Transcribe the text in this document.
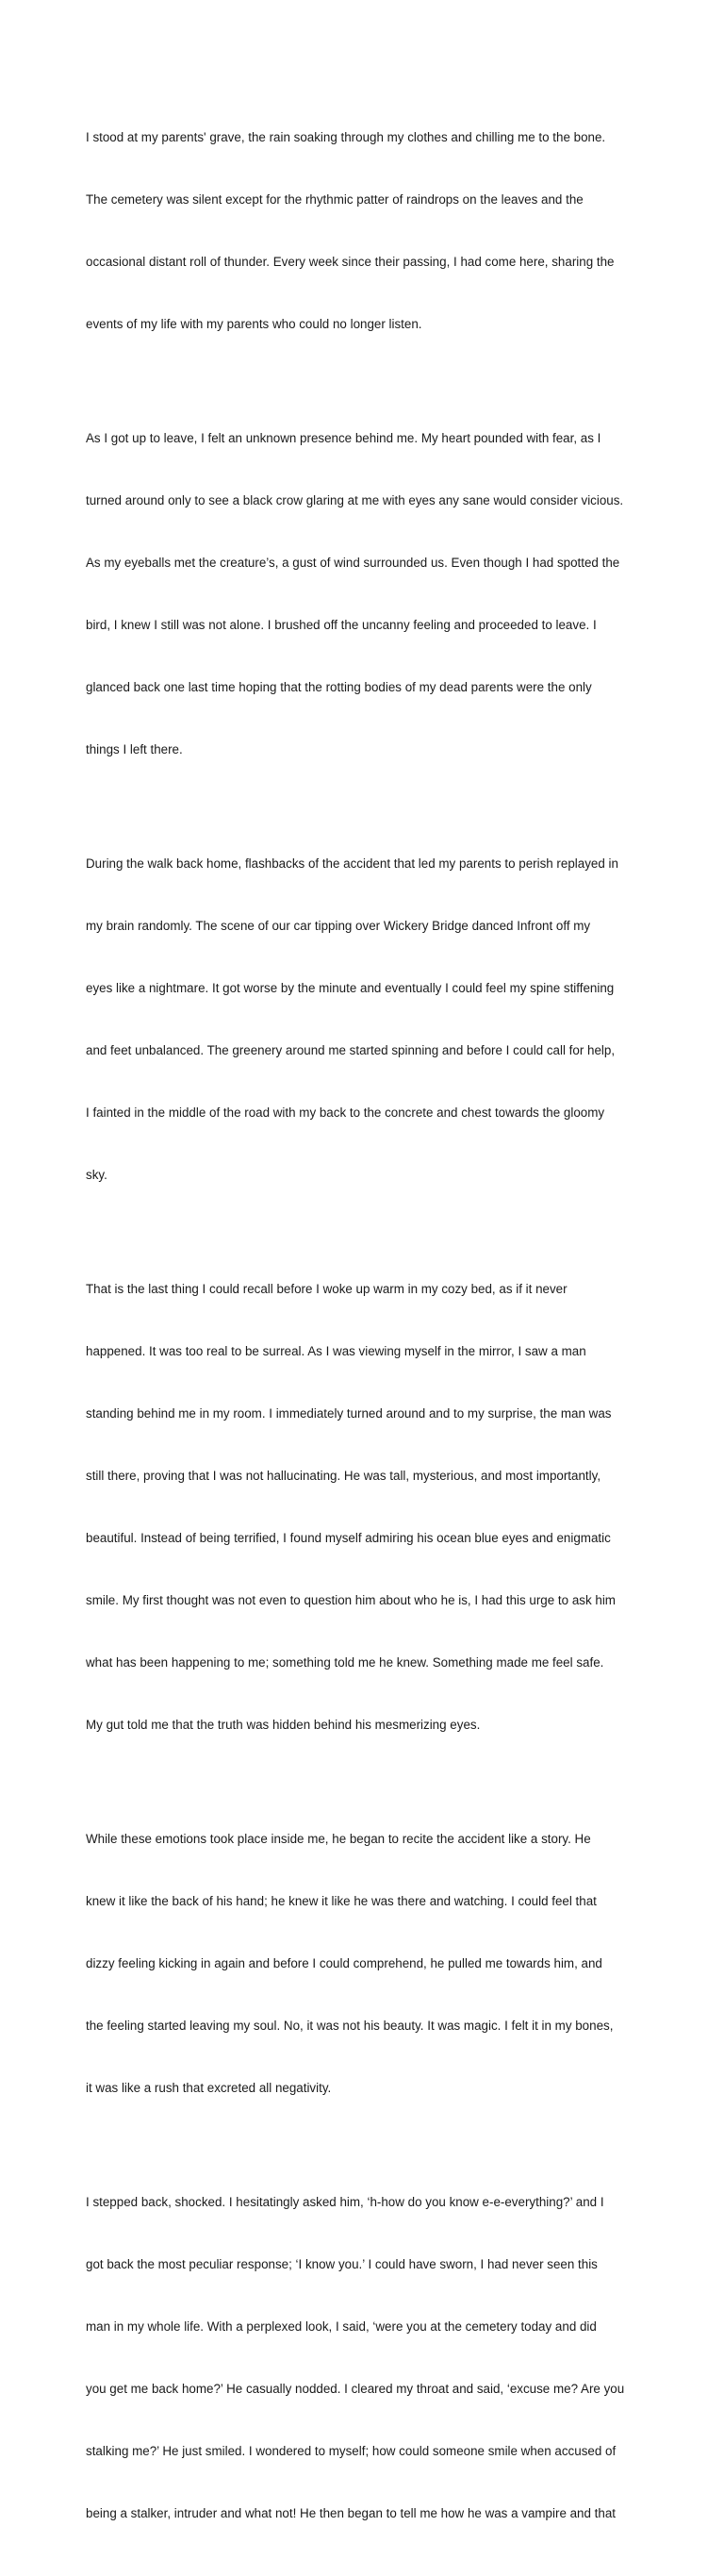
I stood at my parents' grave, the rain soaking through my clothes and chilling me to the bone.

The cemetery was silent except for the rhythmic patter of raindrops on the leaves and the

occasional distant roll of thunder. Every week since their passing, I had come here, sharing the

events of my life with my parents who could no longer listen.

As I got up to leave, I felt an unknown presence behind me. My heart pounded with fear, as I

turned around only to see a black crow glaring at me with eyes any sane would consider vicious.

As my eyeballs met the creature’s, a gust of wind surrounded us. Even though I had spotted the

bird, I knew I still was not alone. I brushed off the uncanny feeling and proceeded to leave. I

glanced back one last time hoping that the rotting bodies of my dead parents were the only

things I left there.

During the walk back home, flashbacks of the accident that led my parents to perish replayed in

my brain randomly. The scene of our car tipping over Wickery Bridge danced Infront off my

eyes like a nightmare. It got worse by the minute and eventually I could feel my spine stiffening

and feet unbalanced. The greenery around me started spinning and before I could call for help,

I fainted in the middle of the road with my back to the concrete and chest towards the gloomy

sky.

That is the last thing I could recall before I woke up warm in my cozy bed, as if it never

happened. It was too real to be surreal. As I was viewing myself in the mirror, I saw a man

standing behind me in my room. I immediately turned around and to my surprise, the man was

still there, proving that I was not hallucinating. He was tall, mysterious, and most importantly,

beautiful. Instead of being terrified, I found myself admiring his ocean blue eyes and enigmatic

smile. My first thought was not even to question him about who he is, I had this urge to ask him

what has been happening to me; something told me he knew. Something made me feel safe.

My gut told me that the truth was hidden behind his mesmerizing eyes.

While these emotions took place inside me, he began to recite the accident like a story. He

knew it like the back of his hand; he knew it like he was there and watching. I could feel that

dizzy feeling kicking in again and before I could comprehend, he pulled me towards him, and

the feeling started leaving my soul. No, it was not his beauty. It was magic. I felt it in my bones,

it was like a rush that excreted all negativity.

I stepped back, shocked. I hesitatingly asked him, ‘h-how do you know e-e-everything?’ and I

got back the most peculiar response; ‘I know you.’ I could have sworn, I had never seen this

man in my whole life. With a perplexed look, I said, ‘were you at the cemetery today and did

you get me back home?’ He casually nodded. I cleared my throat and said, ‘excuse me? Are you

stalking me?’ He just smiled. I wondered to myself; how could someone smile when accused of

being a stalker, intruder and what not! He then began to tell me how he was a vampire and that
